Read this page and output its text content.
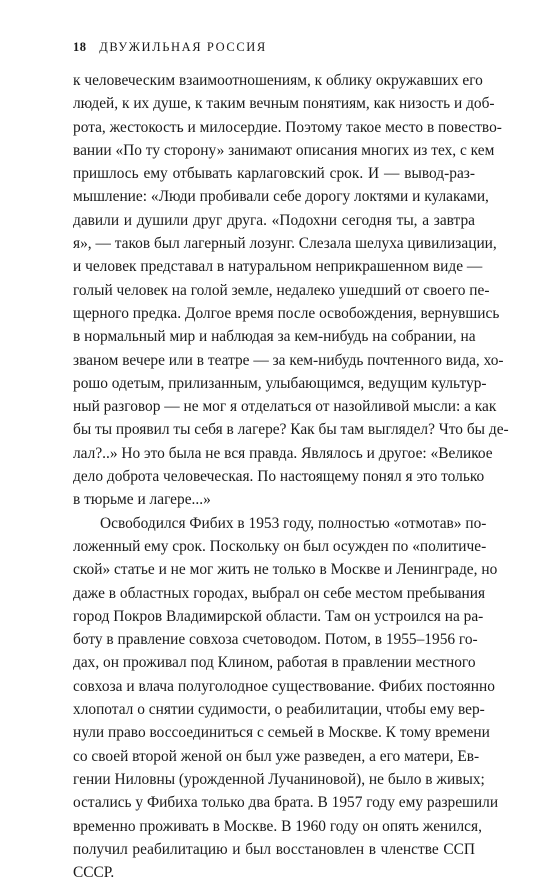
18 ДВУЖИЛЬНАЯ РОССИЯ
к человеческим взаимоотношениям, к облику окружавших его
людей, к их душе, к таким вечным понятиям, как низость и доб-
рота, жестокость и милосердие. Поэтому такое место в повество-
вании «По ту сторону» занимают описания многих из тех, с кем
пришлось ему отбывать карлаговский срок. И — вывод-раз-
мышление: «Люди пробивали себе дорогу локтями и кулаками,
давили и душили друг друга. «Подохни сегодня ты, а завтра
я», — таков был лагерный лозунг. Слезала шелуха цивилизации,
и человек представал в натуральном неприкрашенном виде —
голый человек на голой земле, недалеко ушедший от своего пе-
щерного предка. Долгое время после освобождения, вернувшись
в нормальный мир и наблюдая за кем-нибудь на собрании, на
званом вечере или в театре — за кем-нибудь почтенного вида, хо-
рошо одетым, прилизанным, улыбающимся, ведущим культур-
ный разговор — не мог я отделаться от назойливой мысли: а как
бы ты проявил ты себя в лагере? Как бы там выглядел? Что бы де-
лал?..» Но это была не вся правда. Являлось и другое: «Великое
дело доброта человеческая. По настоящему понял я это только
в тюрьме и лагере...»
Освободился Фибих в 1953 году, полностью «отмотав» по-
ложенный ему срок. Поскольку он был осужден по «политиче-
ской» статье и не мог жить не только в Москве и Ленинграде, но
даже в областных городах, выбрал он себе местом пребывания
город Покров Владимирской области. Там он устроился на ра-
боту в правление совхоза счетоводом. Потом, в 1955–1956 го-
дах, он проживал под Клином, работая в правлении местного
совхоза и влача полуголодное существование. Фибих постоянно
хлопотал о снятии судимости, о реабилитации, чтобы ему вер-
нули право воссоединиться с семьей в Москве. К тому времени
со своей второй женой он был уже разведен, а его матери, Ев-
гении Ниловны (урожденной Лучаниновой), не было в живых;
остались у Фибиха только два брата. В 1957 году ему разрешили
временно проживать в Москве. В 1960 году он опять женился,
получил реабилитацию и был восстановлен в членстве ССП
СССР.
